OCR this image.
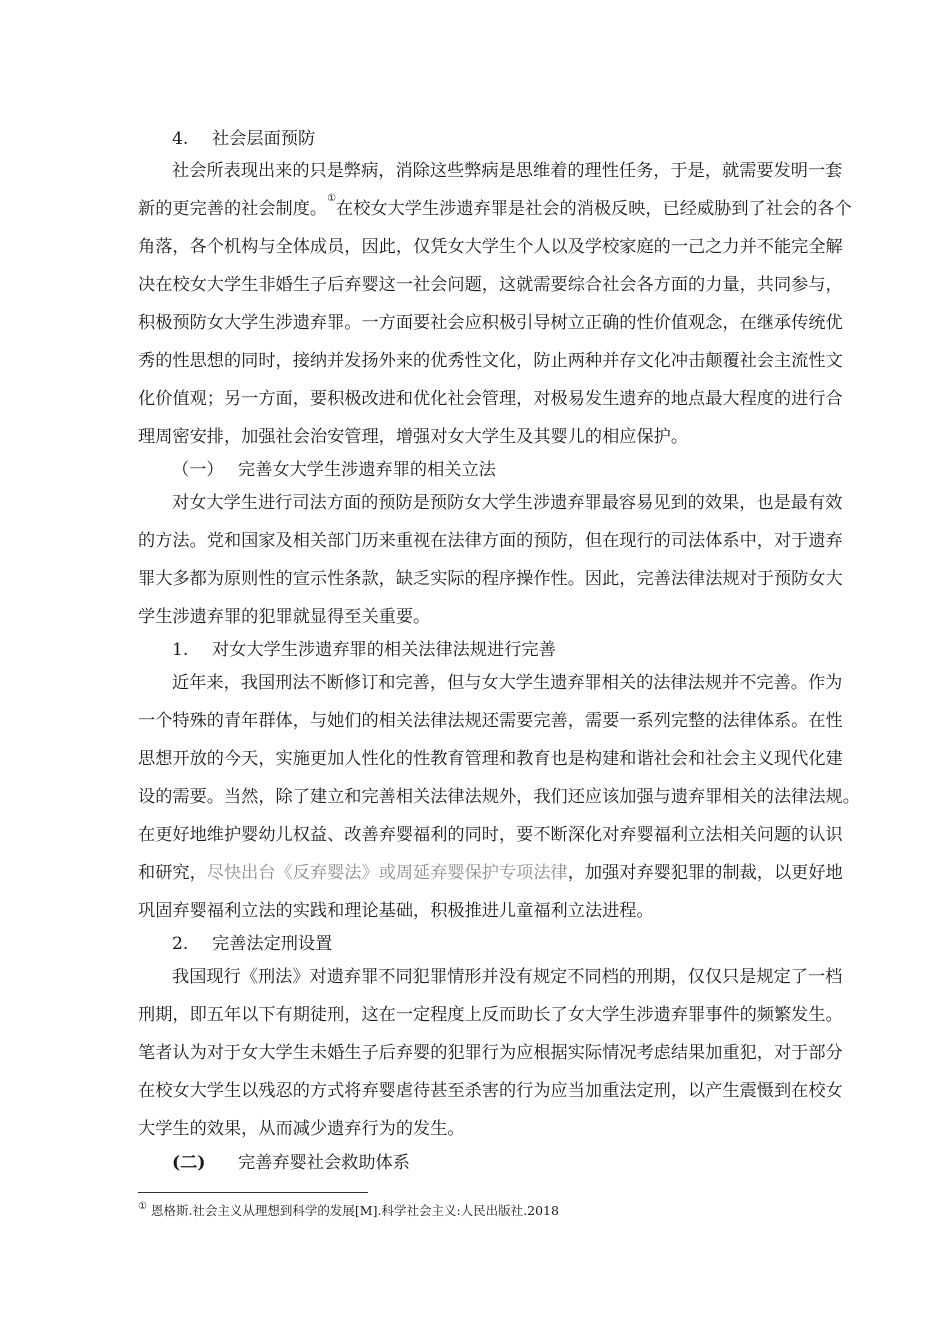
4. 社会层面预防
社会所表现出来的只是弊病，消除这些弊病是思维着的理性任务，于是，就需要发明一套
新的更完善的社会制度。①在校女大学生涉遗弃罪是社会的消极反映，已经威胁到了社会的各个
角落，各个机构与全体成员，因此，仅凭女大学生个人以及学校家庭的一己之力并不能完全解
决在校女大学生非婚生子后弃婴这一社会问题，这就需要综合社会各方面的力量，共同参与，
积极预防女大学生涉遗弃罪。一方面要社会应积极引导树立正确的性价值观念，在继承传统优
秀的性思想的同时，接纳并发扬外来的优秀性文化，防止两种并存文化冲击颠覆社会主流性文
化价值观；另一方面，要积极改进和优化社会管理，对极易发生遗弃的地点最大程度的进行合
理周密安排，加强社会治安管理，增强对女大学生及其婴儿的相应保护。
（一） 完善女大学生涉遗弃罪的相关立法
对女大学生进行司法方面的预防是预防女大学生涉遗弃罪最容易见到的效果，也是最有效
的方法。党和国家及相关部门历来重视在法律方面的预防，但在现行的司法体系中，对于遗弃
罪大多都为原则性的宣示性条款，缺乏实际的程序操作性。因此，完善法律法规对于预防女大
学生涉遗弃罪的犯罪就显得至关重要。
1. 对女大学生涉遗弃罪的相关法律法规进行完善
近年来，我国刑法不断修订和完善，但与女大学生遗弃罪相关的法律法规并不完善。作为
一个特殊的青年群体，与她们的相关法律法规还需要完善，需要一系列完整的法律体系。在性
思想开放的今天，实施更加人性化的性教育管理和教育也是构建和谐社会和社会主义现代化建
设的需要。当然，除了建立和完善相关法律法规外，我们还应该加强与遗弃罪相关的法律法规。
在更好地维护婴幼儿权益、改善弃婴福利的同时，要不断深化对弃婴福利立法相关问题的认识
和研究，尽快出台《反弃婴法》或周延弃婴保护专项法律，加强对弃婴犯罪的制裁，以更好地
巩固弃婴福利立法的实践和理论基础，积极推进儿童福利立法进程。
2. 完善法定刑设置
我国现行《刑法》对遗弃罪不同犯罪情形并没有规定不同档的刑期，仅仅只是规定了一档
刑期，即五年以下有期徒刑，这在一定程度上反而助长了女大学生涉遗弃罪事件的频繁发生。
笔者认为对于女大学生未婚生子后弃婴的犯罪行为应根据实际情况考虑结果加重犯，对于部分
在校女大学生以残忍的方式将弃婴虐待甚至杀害的行为应当加重法定刑，以产生震慑到在校女
大学生的效果，从而减少遗弃行为的发生。
(二) 完善弃婴社会救助体系
① 恩格斯.社会主义从理想到科学的发展[M].科学社会主义:人民出版社.2018
